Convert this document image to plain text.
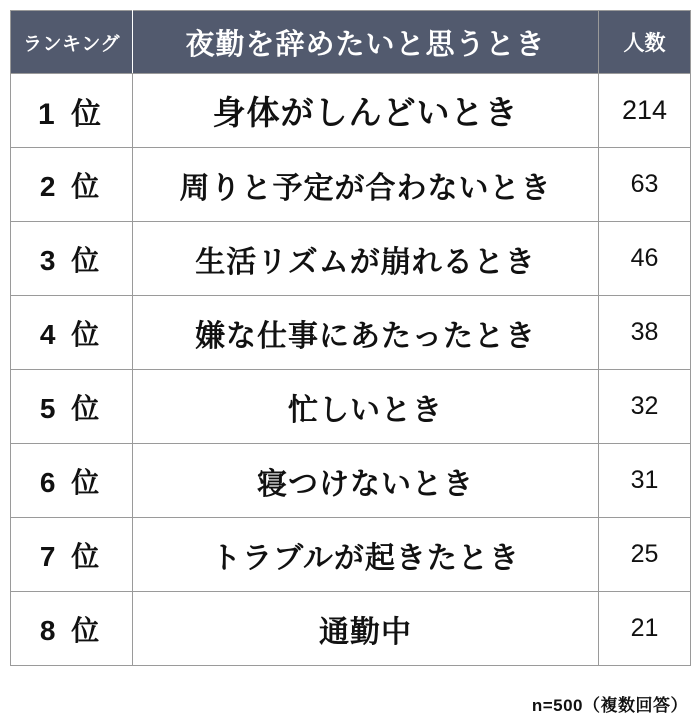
ランキング	夜勤を辞めたいと思うとき	人数
1 位	身体がしんどいとき	214
2 位	周りと予定が合わないとき	63
3 位	生活リズムが崩れるとき	46
4 位	嫌な仕事にあたったとき	38
5 位	忙しいとき	32
6 位	寝つけないとき	31
7 位	トラブルが起きたとき	25
8 位	通勤中	21
n=500（複数回答）
